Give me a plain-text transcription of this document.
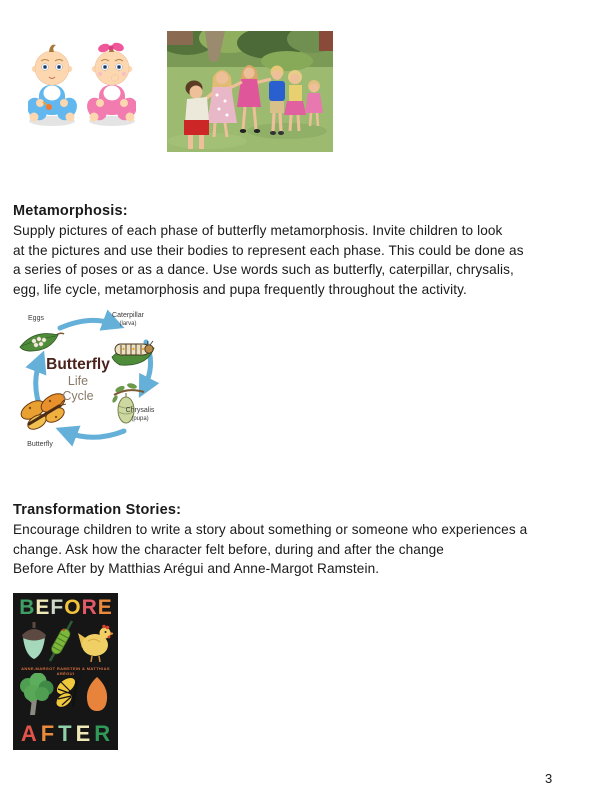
Metamorphosis:
Supply pictures of each phase of butterfly metamorphosis. Invite children to look
at the pictures and use their bodies to represent each phase. This could be done as
a series of poses or as a dance. Use words such as butterfly, caterpillar, chrysalis,
egg, life cycle, metamorphosis and pupa frequently throughout the activity.
Eggs	Caterpillar
(larva)
Chrysalis
(pupa)
Butterfly
Butterfly
Life
Cycle
Transformation Stories:
Encourage children to write a story about something or someone who experiences a
change. Ask how the character felt before, during and after the change
Before After by Matthias Arégui and Anne-Margot Ramstein.
B E F O R E
ANNE-MARGOT RAMSTEIN & MATTHIAS ARÉGUI
A F T E R
3
